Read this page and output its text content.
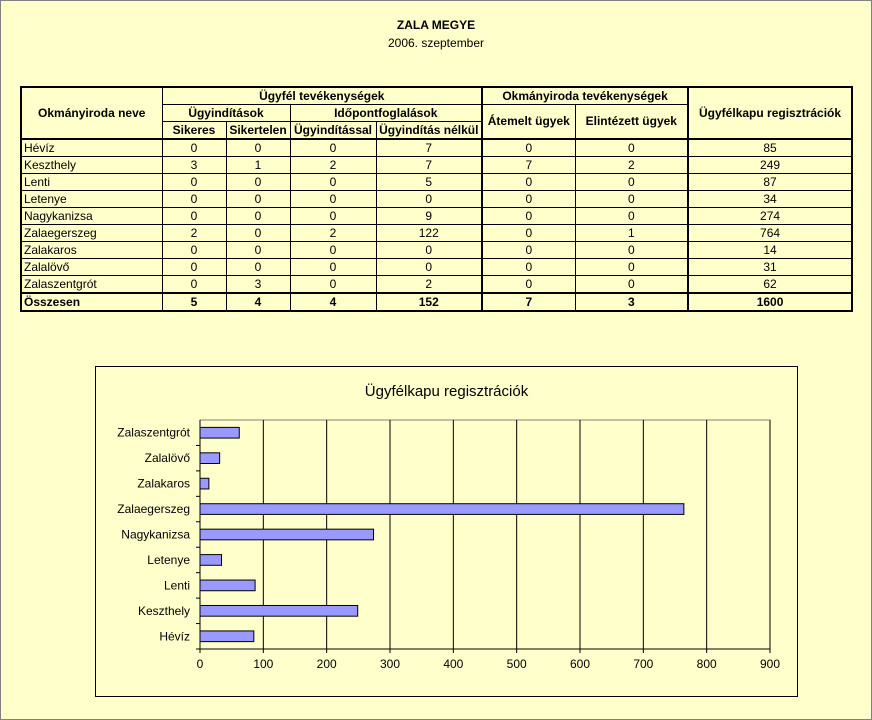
ZALA MEGYE
2006. szeptember
Okmányiroda neve	Ügyfél tevékenységek				Okmányiroda tevékenységek		Ügyfélkapu regisztrációk
	Ügyindítások		Időpontfoglalások		Átemelt ügyek	Elintézett ügyek	
	Sikeres	Sikertelen	Ügyindítással	Ügyindítás nélkül			
Hévíz	0	0	0	7	0	0	85
Keszthely	3	1	2	7	7	2	249
Lenti	0	0	0	5	0	0	87
Letenye	0	0	0	0	0	0	34
Nagykanizsa	0	0	0	9	0	0	274
Zalaegerszeg	2	0	2	122	0	1	764
Zalakaros	0	0	0	0	0	0	14
Zalalövő	0	0	0	0	0	0	31
Zalaszentgrót	0	3	0	2	0	0	62
Összesen	5	4	4	152	7	3	1600
Ügyfélkapu regisztrációk
0	100	200	300	400	500	600	700	800	900
Hévíz
Keszthely
Lenti
Letenye
Nagykanizsa
Zalaegerszeg
Zalakaros
Zalalövő
Zalaszentgrót
